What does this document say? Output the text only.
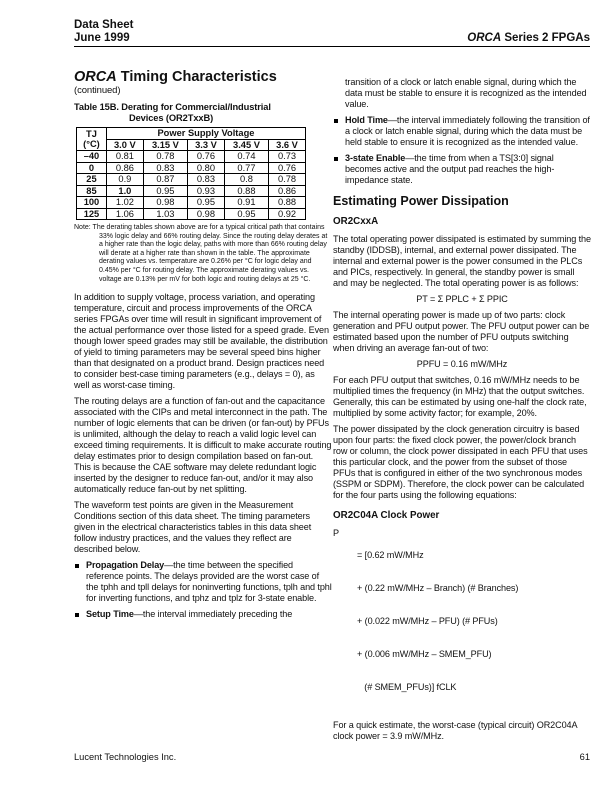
Data Sheet
June 1999	ORCA Series 2 FPGAs
ORCA Timing Characteristics
(continued)
Table 15B. Derating for Commercial/Industrial
Devices (OR2TxxB)
TJ
(°C)	Power Supply Voltage				
	3.0 V	3.15 V	3.3 V	3.45 V	3.6 V
–40	0.81	0.78	0.76	0.74	0.73
0	0.86	0.83	0.80	0.77	0.76
25	0.9	0.87	0.83	0.8	0.78
85	1.0	0.95	0.93	0.88	0.86
100	1.02	0.98	0.95	0.91	0.88
125	1.06	1.03	0.98	0.95	0.92
Note: The derating tables shown above are for a typical critical path that contains 33% logic delay and 66% routing delay. Since the routing delay derates at a higher rate than the logic delay, paths with more than 66% routing delay will derate at a higher rate than shown in the table. The approximate derating values vs. temperature are 0.26% per °C for logic delay and 0.45% per °C for routing delay. The approximate derating values vs. voltage are 0.13% per mV for both logic and routing delays at 25 °C.

In addition to supply voltage, process variation, and operating temperature, circuit and process improvements of the ORCA series FPGAs over time will result in significant improvement of the actual performance over those listed for a speed grade. Even though lower speed grades may still be available, the distribution of yield to timing parameters may be several speed bins higher than that designated on a product brand. Design practices need to consider best-case timing parameters (e.g., delays = 0), as well as worst-case timing.

The routing delays are a function of fan-out and the capacitance associated with the CIPs and metal interconnect in the path. The number of logic elements that can be driven (or fan-out) by PFUs is unlimited, although the delay to reach a valid logic level can exceed timing requirements. It is difficult to make accurate routing delay estimates prior to design compilation based on fan-out. This is because the CAE software may delete redundant logic inserted by the designer to reduce fan-out, and/or it may also automatically reduce fan-out by net splitting.

The waveform test points are given in the Measurement Conditions section of this data sheet. The timing parameters given in the electrical characteristics tables in this data sheet follow industry practices, and the values they reflect are described below.

Propagation Delay—the time between the specified reference points. The delays provided are the worst case of the tphh and tpll delays for noninverting functions, tplh and tphl for inverting functions, and tphz and tplz for 3-state enable.

Setup Time—the interval immediately preceding the

transition of a clock or latch enable signal, during which the data must be stable to ensure it is recognized as the intended value.

Hold Time—the interval immediately following the transition of a clock or latch enable signal, during which the data must be held stable to ensure it is recognized as the intended value.

3-state Enable—the time from when a TS[3:0] signal becomes active and the output pad reaches the high-impedance state.

Estimating Power Dissipation
OR2CxxA

The total operating power dissipated is estimated by summing the standby (IDDSB), internal, and external power dissipated. The internal and external power is the power consumed in the PLCs and PICs, respectively. In general, the standby power is small and may be neglected. The total operating power is as follows:

PT = Σ PPLC + Σ PPIC

The internal operating power is made up of two parts: clock generation and PFU output power. The PFU output power can be estimated based upon the number of PFU outputs switching when driving an average fan-out of two:

PPFU = 0.16 mW/MHz

For each PFU output that switches, 0.16 mW/MHz needs to be multiplied times the frequency (in MHz) that the output switches. Generally, this can be estimated by using one-half the clock rate, multiplied by some activity factor; for example, 20%.

The power dissipated by the clock generation circuitry is based upon four parts: the fixed clock power, the power/clock branch row or column, the clock power dissipated in each PFU that uses this particular clock, and the power from the subset of those PFUs that is configured in either of the two synchronous modes (SSPM or SDPM). Therefore, the clock power can be calculated for the four parts using the following equations:

OR2C04A Clock Power
P

= [0.62 mW/MHz

+ (0.22 mW/MHz – Branch) (# Branches)

+ (0.022 mW/MHz – PFU) (# PFUs)

+ (0.006 mW/MHz – SMEM_PFU)

(# SMEM_PFUs)] fCLK

For a quick estimate, the worst-case (typical circuit) OR2C04A clock power = 3.9 mW/MHz.

Lucent Technologies Inc.	61
